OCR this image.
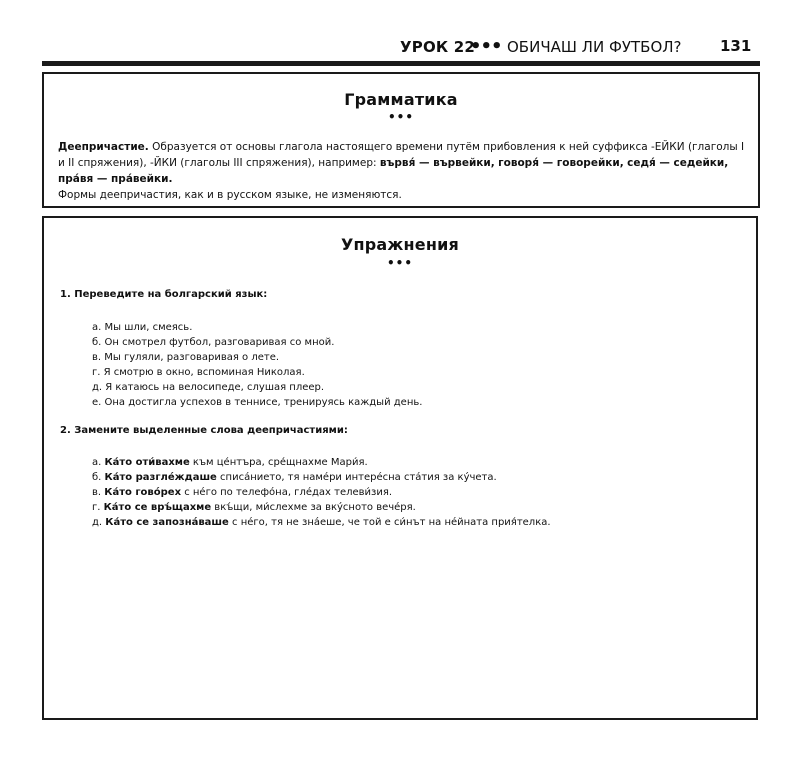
УРОК 22
••• ОБИЧАШ ЛИ ФУТБОЛ?	131
Грамматика
•••
Деепричастие. Образуется от основы глагола настоящего времени путём прибовления к ней суффикса -ЕЙКИ (глаголы I и II спряжения), -ЙКИ (глаголы III спряжения), например: вървя́ — вървейки, говоря́ — говорейки, седя́ — седейки, пра́вя — пра́вейки.
Формы деепричастия, как и в русском языке, не изменяются.
Упражнения
•••
1. Переведите на болгарский язык:
а. Мы шли, смеясь.
б. Он смотрел футбол, разговаривая со мной.
в. Мы гуляли, разговаривая о лете.
г. Я смотрю в окно, вспоминая Николая.
д. Я катаюсь на велосипеде, слушая плеер.
е. Она достигла успехов в теннисе, тренируясь каждый день.
2. Замените выделенные слова деепричастиями:
а. Ка́то оти́вахме към це́нтъра, сре́щнахме Мари́я.
б. Ка́то разглéждаше списáнието, тя намéри интерéсна стáтия за кýчета.
в. Ка́то говóрех с нéго по телефóна, глéдах телеви́зия.
г. Ка́то се връ́щахме вкъ́щи, ми́слехме за вкýсното вечéря.
д. Ка́то се запознáваше с нéго, тя не знáеше, че той е си́нът на нéйната прия́телка.
